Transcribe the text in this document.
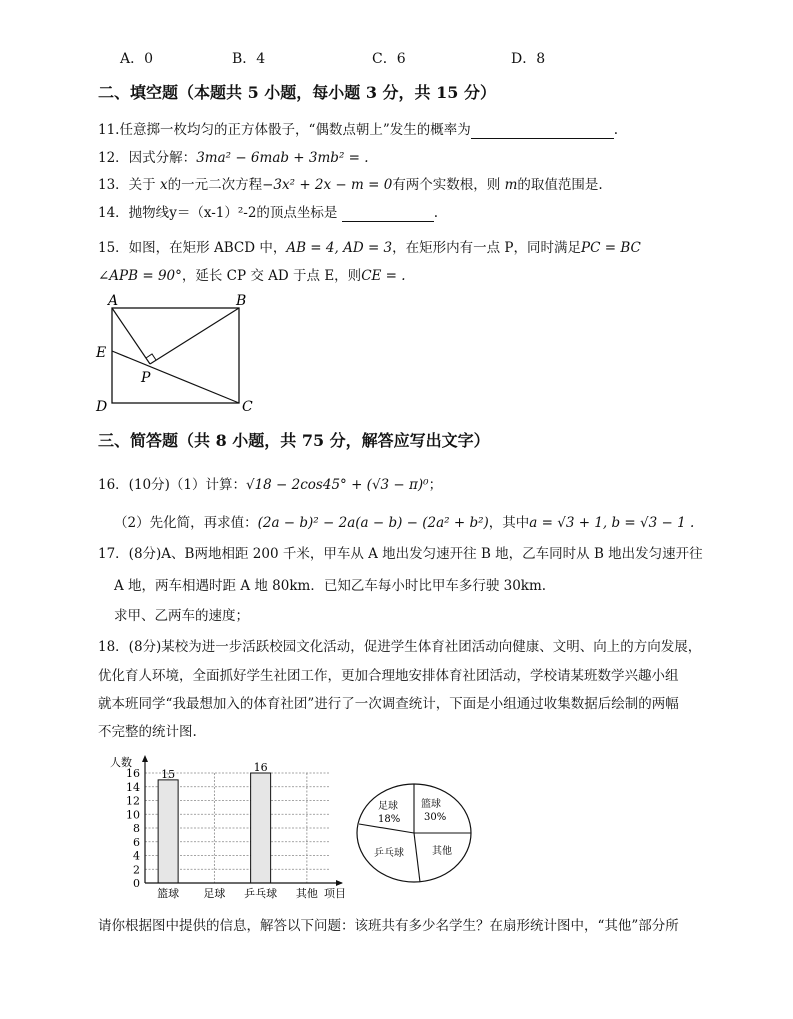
A．0	B．4	C．6	D．8
二、填空题（本题共 5 小题，每小题 3 分，共 15 分）
11.任意掷一枚均匀的正方体骰子，“偶数点朝上”发生的概率为	.
12．因式分解：3ma² − 6mab + 3mb² = .
13．关于 x的一元二次方程−3x² + 2x − m = 0有两个实数根，则 m的取值范围是.
14．抛物线y＝（x-1）²-2的顶点坐标是	.
15．如图，在矩形 ABCD 中，AB = 4, AD = 3，在矩形内有一点 P，同时满足PC = BC
∠APB = 90°，延长 CP 交 AD 于点 E，则CE = .
A	B
C
D
E
P
三、简答题（共 8 小题，共 75 分，解答应写出文字）
16．(10分)（1）计算：√18 − 2cos45° + (√3 − π)⁰；
（2）先化简，再求值：(2a − b)² − 2a(a − b) − (2a² + b²)，其中a = √3 + 1, b = √3 − 1 .
17．(8分)A、B两地相距 200 千米，甲车从 A 地出发匀速开往 B 地，乙车同时从 B 地出发匀速开往
A 地，两车相遇时距 A 地 80km．已知乙车每小时比甲车多行驶 30km.
求甲、乙两车的速度；
18．(8分)某校为进一步活跃校园文化活动，促进学生体育社团活动向健康、文明、向上的方向发展，
优化育人环境，全面抓好学生社团工作，更加合理地安排体育社团活动，学校请某班数学兴趣小组
就本班同学“我最想加入的体育社团”进行了一次调查统计，下面是小组通过收集数据后绘制的两幅
不完整的统计图.
人数
0
2
4
6
8
10
12
14
16 15
16
篮球 足球 乒乓球 其他 项目
足球
18%
篮球
30%
乒乓球	其他
请你根据图中提供的信息，解答以下问题：该班共有多少名学生？在扇形统计图中，“其他”部分所
